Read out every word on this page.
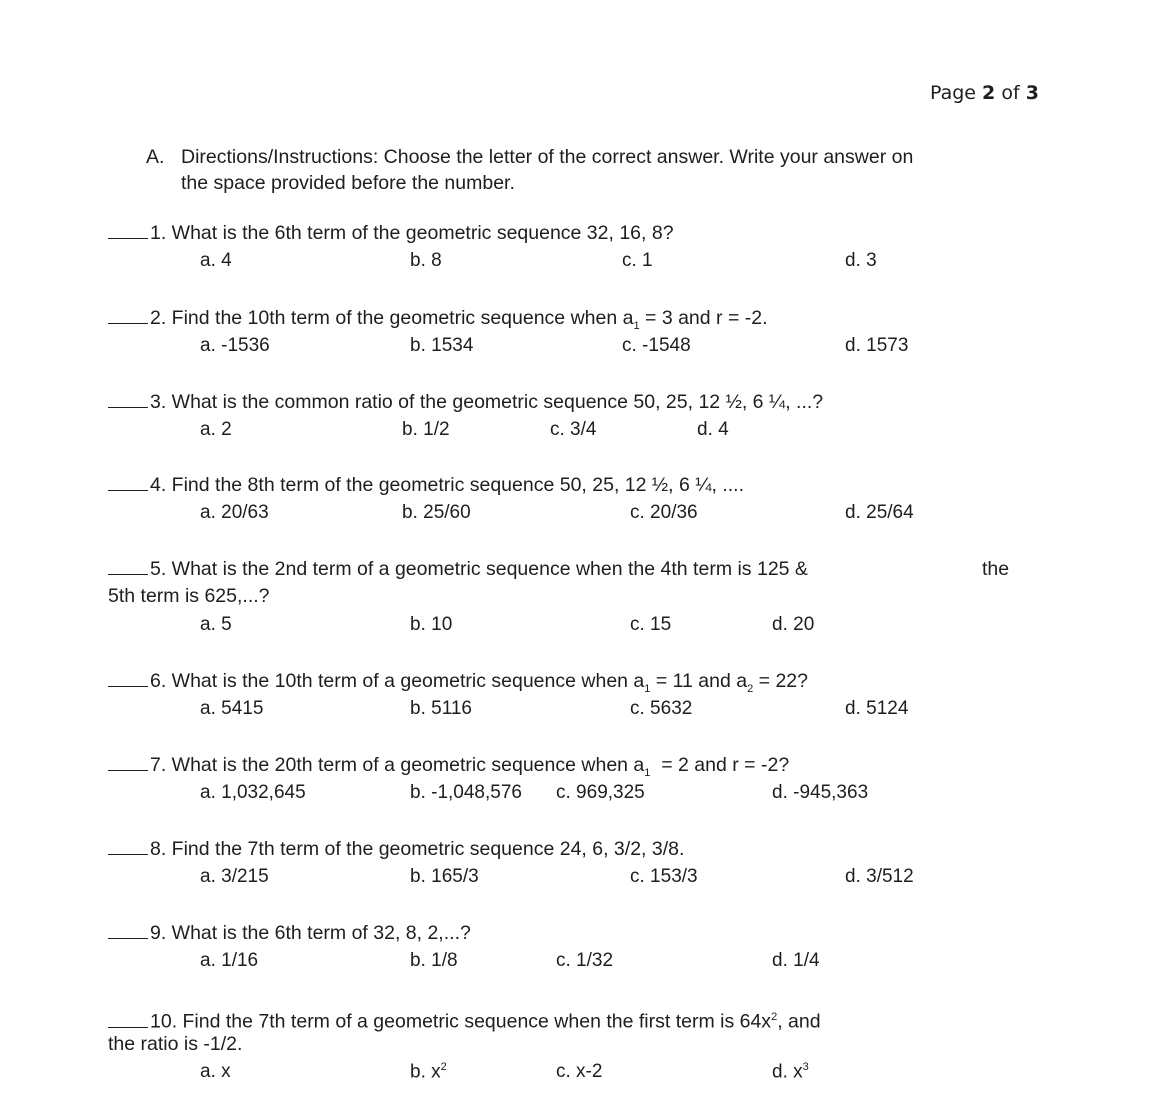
Page 2 of 3
A. Directions/Instructions: Choose the letter of the correct answer. Write your answer on
the space provided before the number.
1. What is the 6th term of the geometric sequence 32, 16, 8?
a. 4	b. 8	c. 1	d. 3
2. Find the 10th term of the geometric sequence when $a_1 = 3$ and r = -2.
a. -1536	b. 1534	c. -1548	d. 1573
3. What is the common ratio of the geometric sequence 50, 25, 12 ½, 6 ¼, ...?
a. 2	b. 1/2	c. 3/4	d. 4
4. Find the 8th term of the geometric sequence 50, 25, 12 ½, 6 ¼, ....
a. 20/63	b. 25/60	c. 20/36	d. 25/64
5. What is the 2nd term of a geometric sequence when the 4th term is 125 &	the
5th term is 625,...?
a. 5	b. 10	c. 15	d. 20
6. What is the 10th term of a geometric sequence when $a_1 = 11$ and $a_2 = 22$?
a. 5415	b. 5116	c. 5632	d. 5124
7. What is the 20th term of a geometric sequence when $a_1 = 2$ and r = -2?
a. 1,032,645	b. -1,048,576 c. 969,325	d. -945,363
8. Find the 7th term of the geometric sequence 24, 6, 3/2, 3/8.
a. 3/215	b. 165/3	c. 153/3	d. 3/512
9. What is the 6th term of 32, 8, 2,...?
a. 1/16	b. 1/8	c. 1/32	d. 1/4
10. Find the 7th term of a geometric sequence when the first term is $64x^2$, and
the ratio is -1/2.
a. x	b. $x^2$	c. x-2	d. $x^3$
